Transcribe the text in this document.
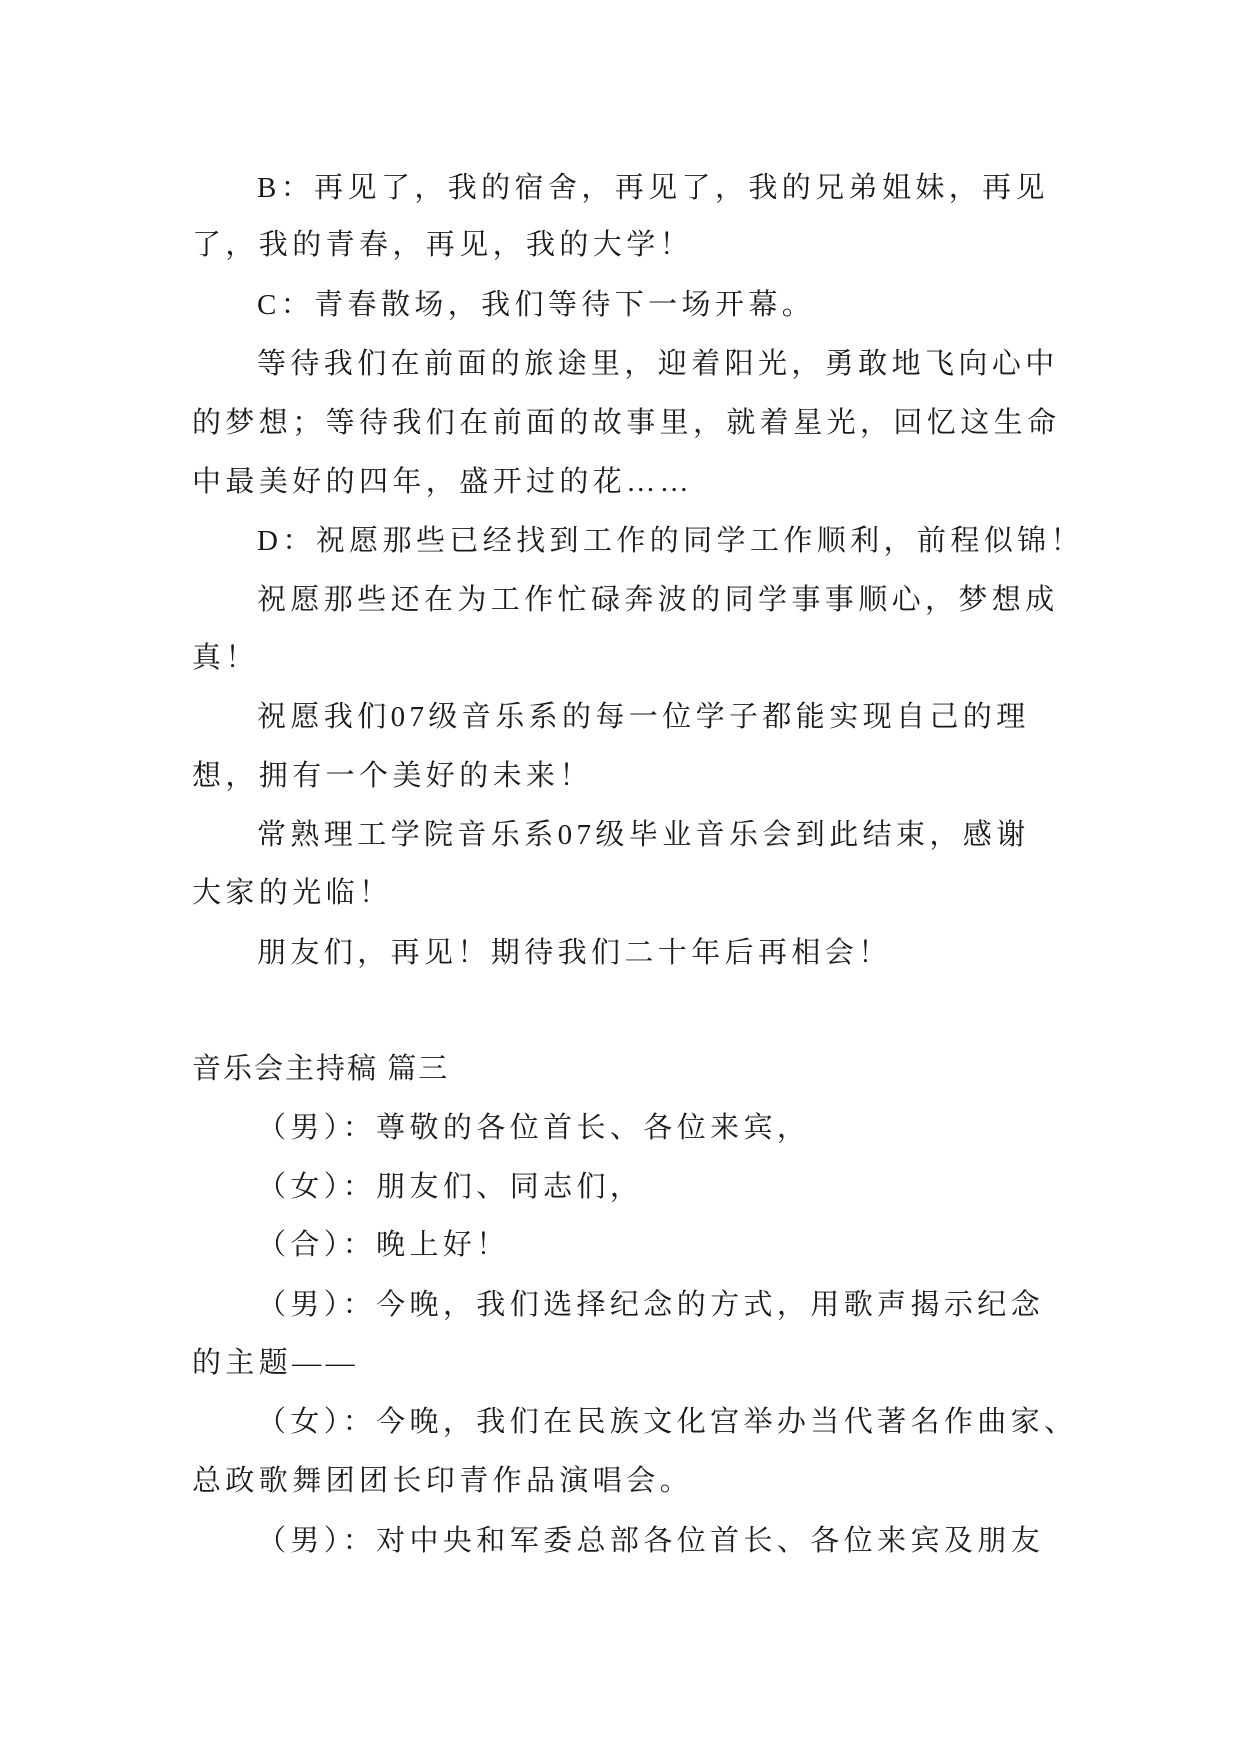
B：再见了，我的宿舍，再见了，我的兄弟姐妹，再见
了，我的青春，再见，我的大学！
C：青春散场，我们等待下一场开幕。
等待我们在前面的旅途里，迎着阳光，勇敢地飞向心中
的梦想；等待我们在前面的故事里，就着星光，回忆这生命
中最美好的四年，盛开过的花……
D：祝愿那些已经找到工作的同学工作顺利，前程似锦！
祝愿那些还在为工作忙碌奔波的同学事事顺心，梦想成
真！
祝愿我们07级音乐系的每一位学子都能实现自己的理
想，拥有一个美好的未来！
常熟理工学院音乐系07级毕业音乐会到此结束，感谢
大家的光临！
朋友们，再见！期待我们二十年后再相会！
音乐会主持稿 篇三
（男）：尊敬的各位首长、各位来宾，
（女）：朋友们、同志们，
（合）：晚上好！
（男）：今晚，我们选择纪念的方式，用歌声揭示纪念
的主题——
（女）：今晚，我们在民族文化宫举办当代著名作曲家、
总政歌舞团团长印青作品演唱会。
（男）：对中央和军委总部各位首长、各位来宾及朋友
